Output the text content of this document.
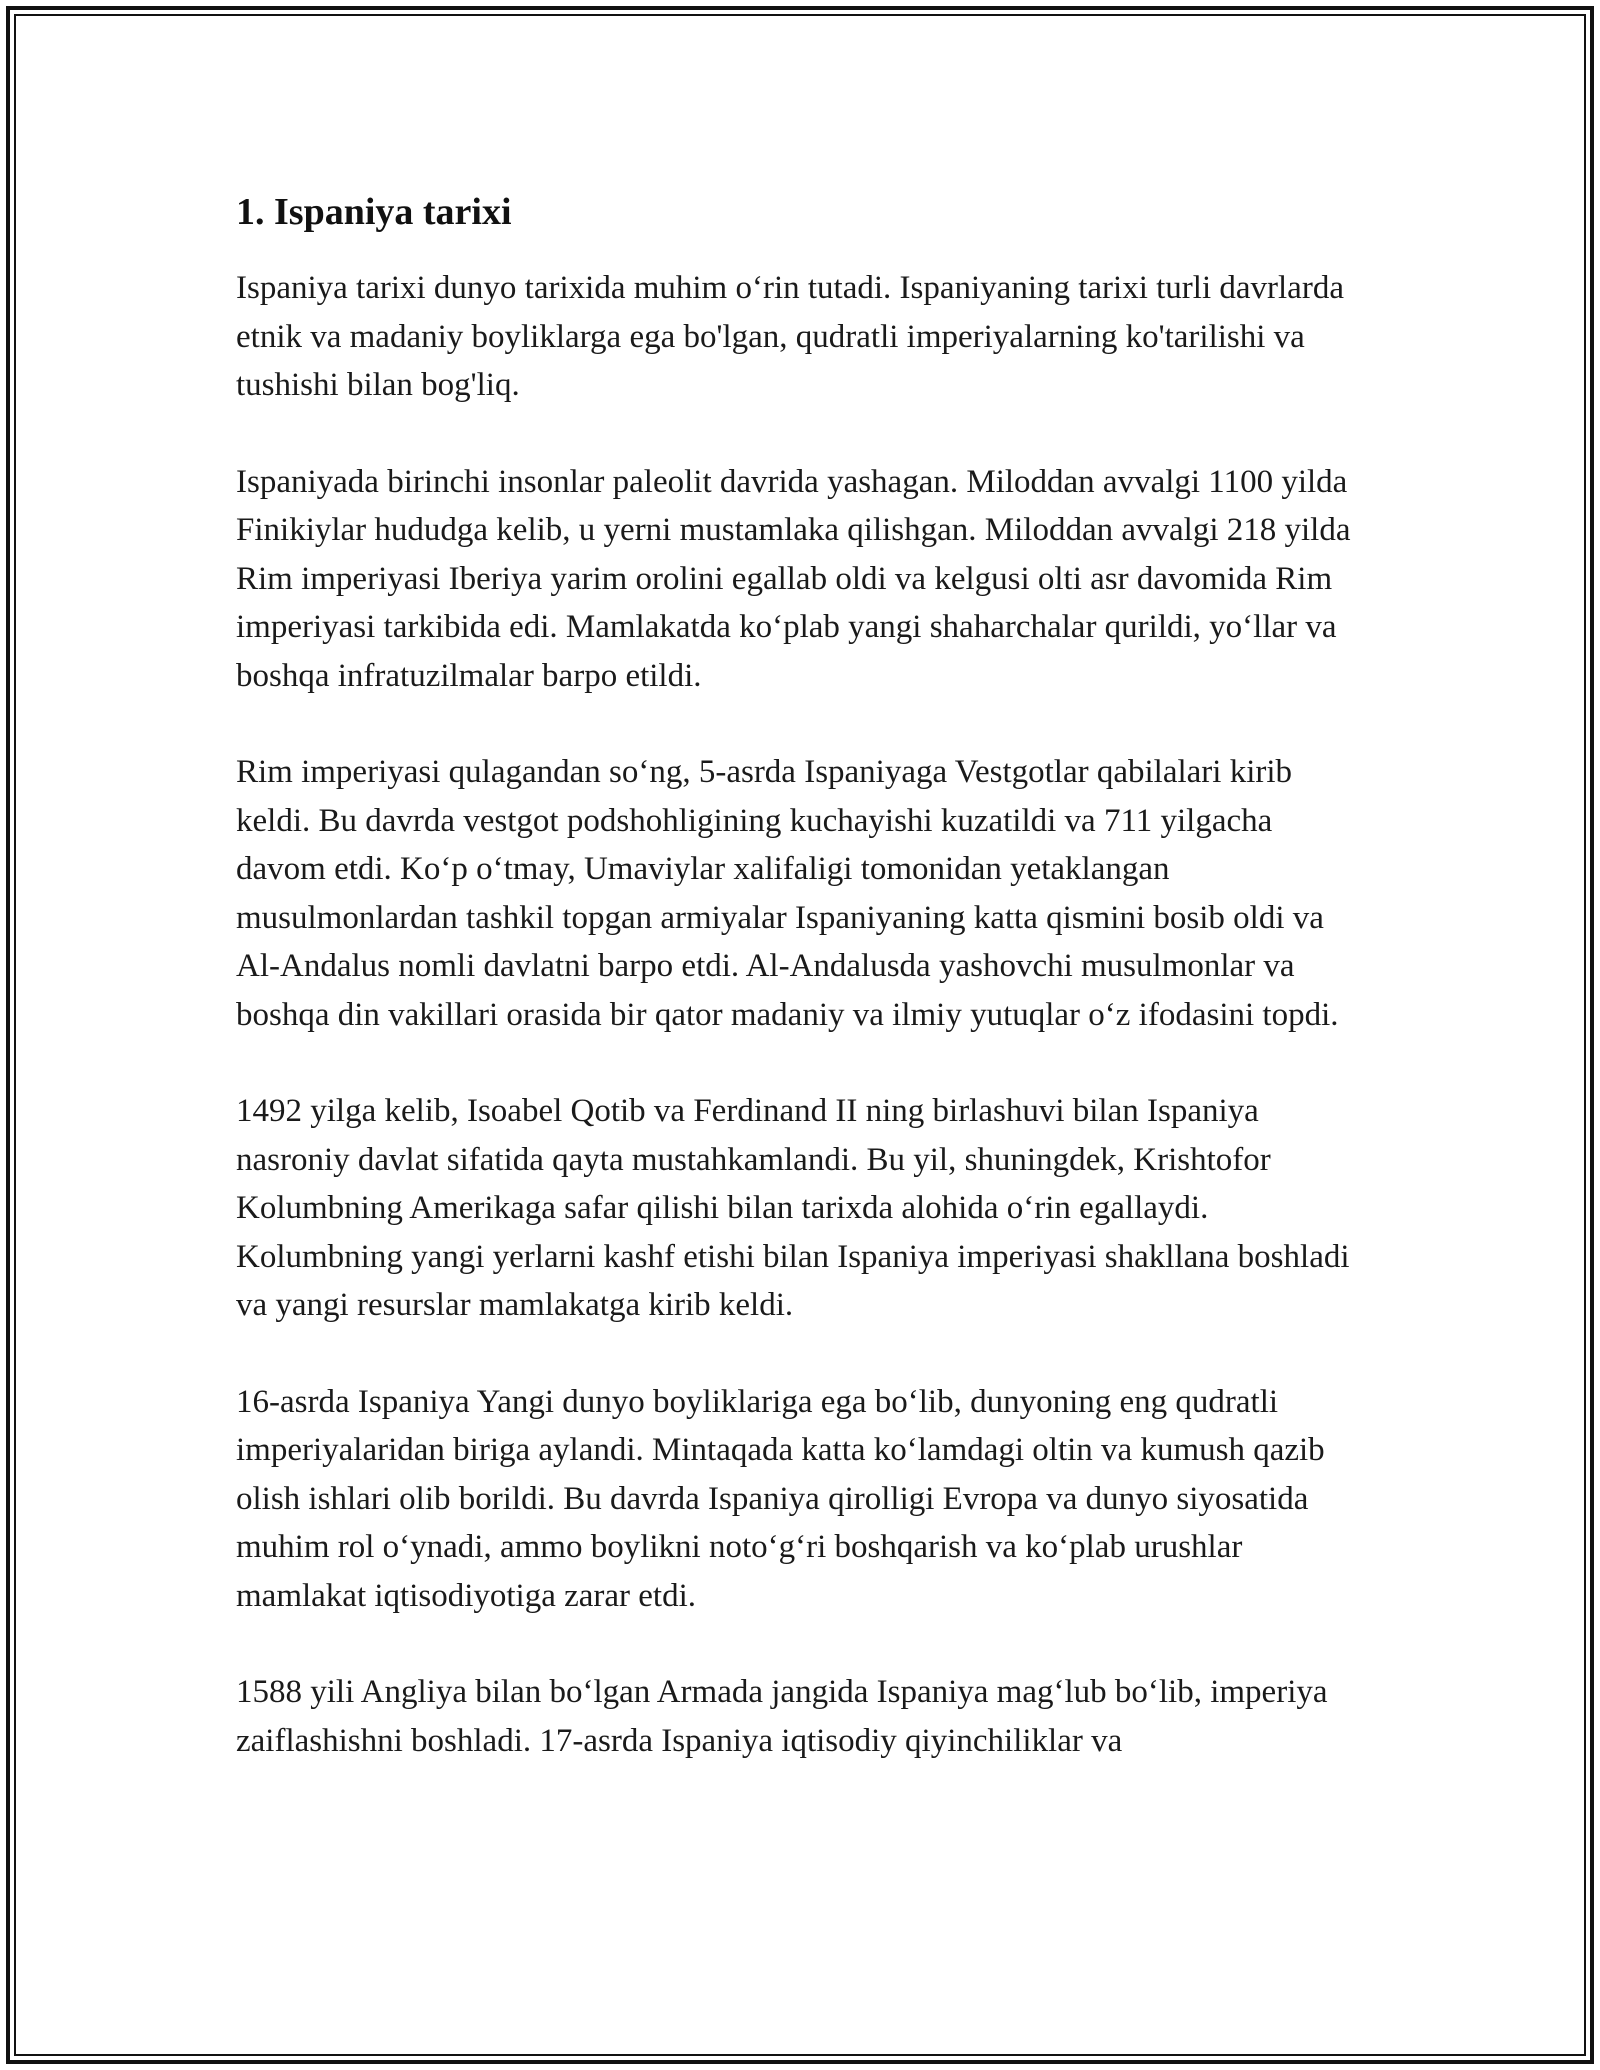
1. Ispaniya tarixi

Ispaniya tarixi dunyo tarixida muhim o‘rin tutadi. Ispaniyaning tarixi turli davrlarda etnik va madaniy boyliklarga ega bo'lgan, qudratli imperiyalarning ko'tarilishi va tushishi bilan bog'liq.

Ispaniyada birinchi insonlar paleolit davrida yashagan. Miloddan avvalgi 1100 yilda Finikiylar hududga kelib, u yerni mustamlaka qilishgan. Miloddan avvalgi 218 yilda Rim imperiyasi Iberiya yarim orolini egallab oldi va kelgusi olti asr davomida Rim imperiyasi tarkibida edi. Mamlakatda ko‘plab yangi shaharchalar qurildi, yo‘llar va boshqa infratuzilmalar barpo etildi.

Rim imperiyasi qulagandan so‘ng, 5-asrda Ispaniyaga Vestgotlar qabilalari kirib keldi. Bu davrda vestgot podshohligining kuchayishi kuzatildi va 711 yilgacha davom etdi. Ko‘p o‘tmay, Umaviylar xalifaligi tomonidan yetaklangan musulmonlardan tashkil topgan armiyalar Ispaniyaning katta qismini bosib oldi va Al-Andalus nomli davlatni barpo etdi. Al-Andalusda yashovchi musulmonlar va boshqa din vakillari orasida bir qator madaniy va ilmiy yutuqlar o‘z ifodasini topdi.

1492 yilga kelib, Isoabel Qotib va Ferdinand II ning birlashuvi bilan Ispaniya nasroniy davlat sifatida qayta mustahkamlandi. Bu yil, shuningdek, Krishtofor Kolumbning Amerikaga safar qilishi bilan tarixda alohida o‘rin egallaydi. Kolumbning yangi yerlarni kashf etishi bilan Ispaniya imperiyasi shakllana boshladi va yangi resurslar mamlakatga kirib keldi.

16-asrda Ispaniya Yangi dunyo boyliklariga ega bo‘lib, dunyoning eng qudratli imperiyalaridan biriga aylandi. Mintaqada katta ko‘lamdagi oltin va kumush qazib olish ishlari olib borildi. Bu davrda Ispaniya qirolligi Evropa va dunyo siyosatida muhim rol o‘ynadi, ammo boylikni noto‘g‘ri boshqarish va ko‘plab urushlar mamlakat iqtisodiyotiga zarar etdi.

1588 yili Angliya bilan bo‘lgan Armada jangida Ispaniya mag‘lub bo‘lib, imperiya zaiflashishni boshladi. 17-asrda Ispaniya iqtisodiy qiyinchiliklar va
